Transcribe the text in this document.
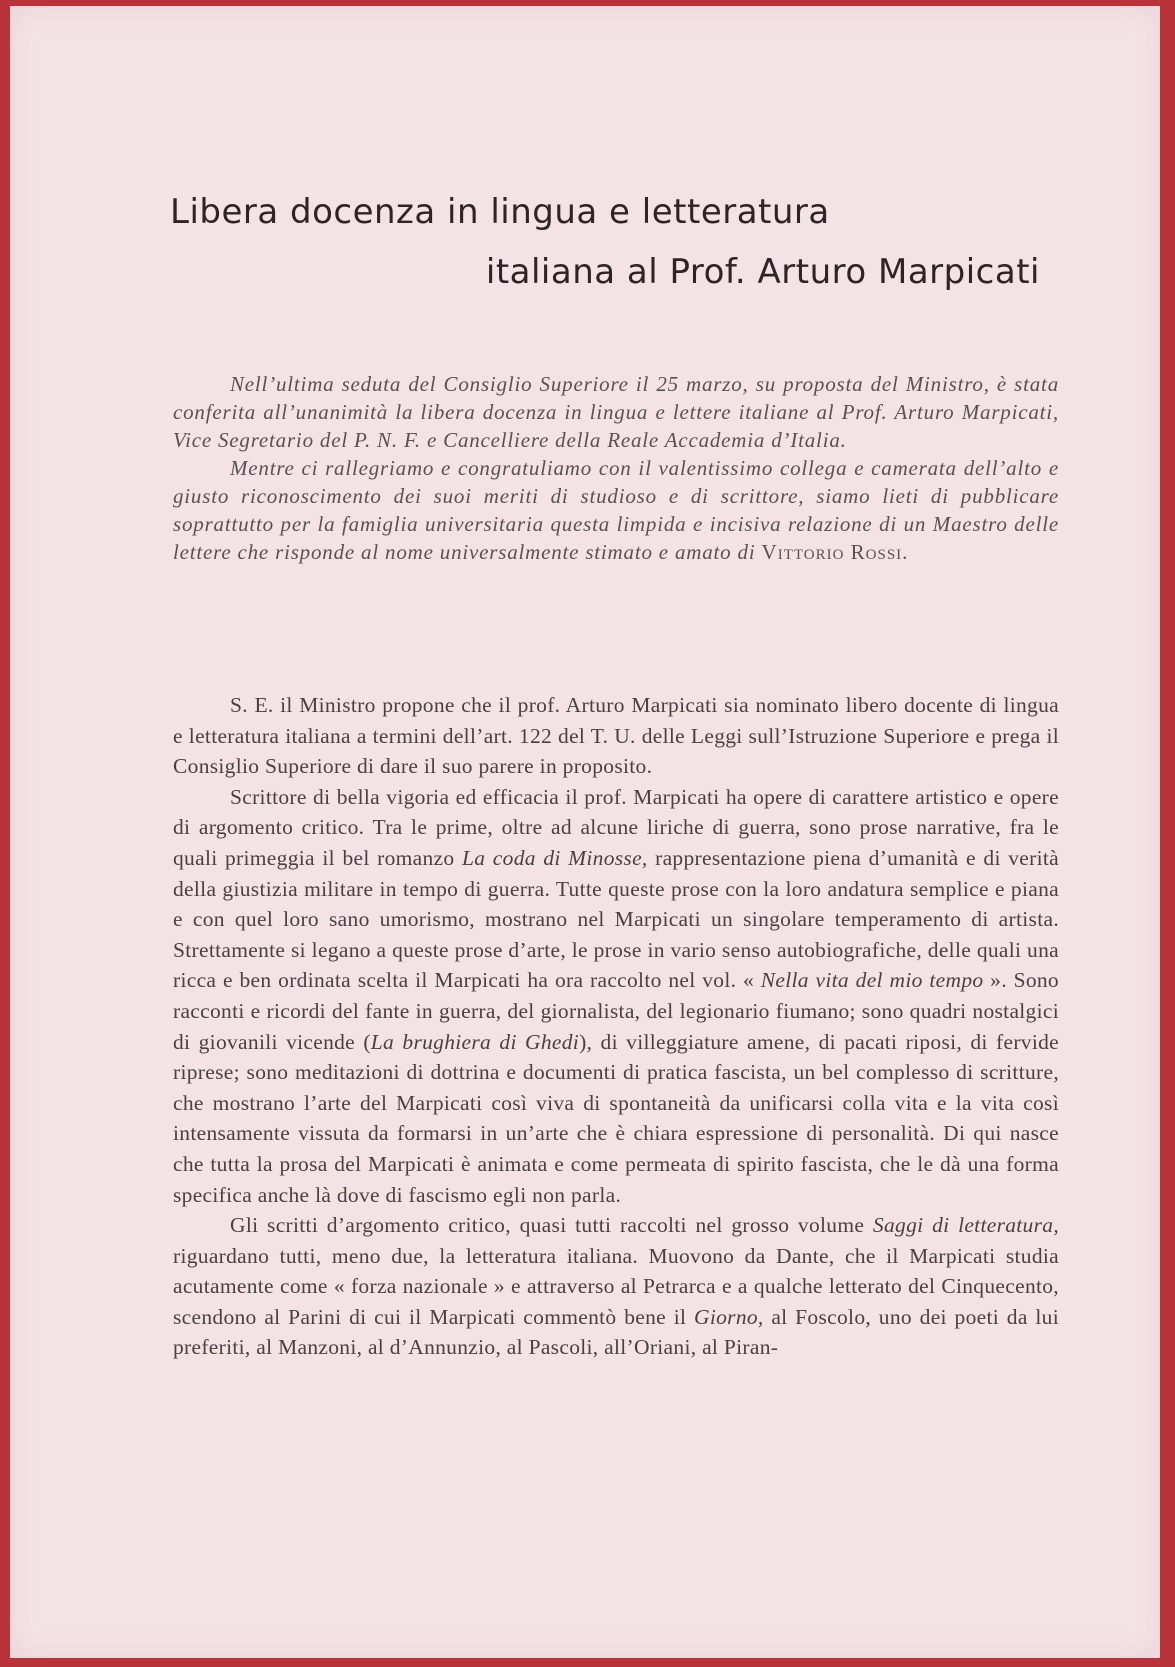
Libera docenza in lingua e letteratura
italiana al Prof. Arturo Marpicati

Nell’ultima seduta del Consiglio Superiore il 25 marzo, su proposta del Ministro, è stata conferita all’unanimità la libera docenza in lingua e lettere italiane al Prof. Arturo Marpicati, Vice Segretario del P. N. F. e Cancelliere della Reale Accademia d’Italia.

Mentre ci rallegriamo e congratuliamo con il valentissimo collega e camerata dell’alto e giusto riconoscimento dei suoi meriti di studioso e di scrittore, siamo lieti di pubblicare soprattutto per la famiglia universitaria questa limpida e incisiva relazione di un Maestro delle lettere che risponde al nome universalmente stimato e amato di Vittorio Rossi.

S. E. il Ministro propone che il prof. Arturo Marpicati sia nominato libero docente di lingua e letteratura italiana a termini dell’art. 122 del T. U. delle Leggi sull’Istruzione Superiore e prega il Consiglio Superiore di dare il suo parere in proposito.

Scrittore di bella vigoria ed efficacia il prof. Marpicati ha opere di carattere artistico e opere di argomento critico. Tra le prime, oltre ad alcune liriche di guerra, sono prose narrative, fra le quali primeggia il bel romanzo La coda di Minosse, rappresentazione piena d’umanità e di verità della giustizia militare in tempo di guerra. Tutte queste prose con la loro andatura semplice e piana e con quel loro sano umorismo, mostrano nel Marpicati un singolare temperamento di artista. Strettamente si legano a queste prose d’arte, le prose in vario senso autobiografiche, delle quali una ricca e ben ordinata scelta il Marpicati ha ora raccolto nel vol. « Nella vita del mio tempo ». Sono racconti e ricordi del fante in guerra, del giornalista, del legionario fiumano; sono quadri nostalgici di giovanili vicende (La brughiera di Ghedi), di villeggiature amene, di pacati riposi, di fervide riprese; sono meditazioni di dottrina e documenti di pratica fascista, un bel complesso di scritture, che mostrano l’arte del Marpicati così viva di spontaneità da unificarsi colla vita e la vita così intensamente vissuta da formarsi in un’arte che è chiara espressione di personalità. Di qui nasce che tutta la prosa del Marpicati è animata e come permeata di spirito fascista, che le dà una forma specifica anche là dove di fascismo egli non parla.

Gli scritti d’argomento critico, quasi tutti raccolti nel grosso volume Saggi di letteratura, riguardano tutti, meno due, la letteratura italiana. Muovono da Dante, che il Marpicati studia acutamente come « forza nazionale » e attraverso al Petrarca e a qualche letterato del Cinquecento, scendono al Parini di cui il Marpicati commentò bene il Giorno, al Foscolo, uno dei poeti da lui preferiti, al Manzoni, al d’Annunzio, al Pascoli, all’Oriani, al Piran-
